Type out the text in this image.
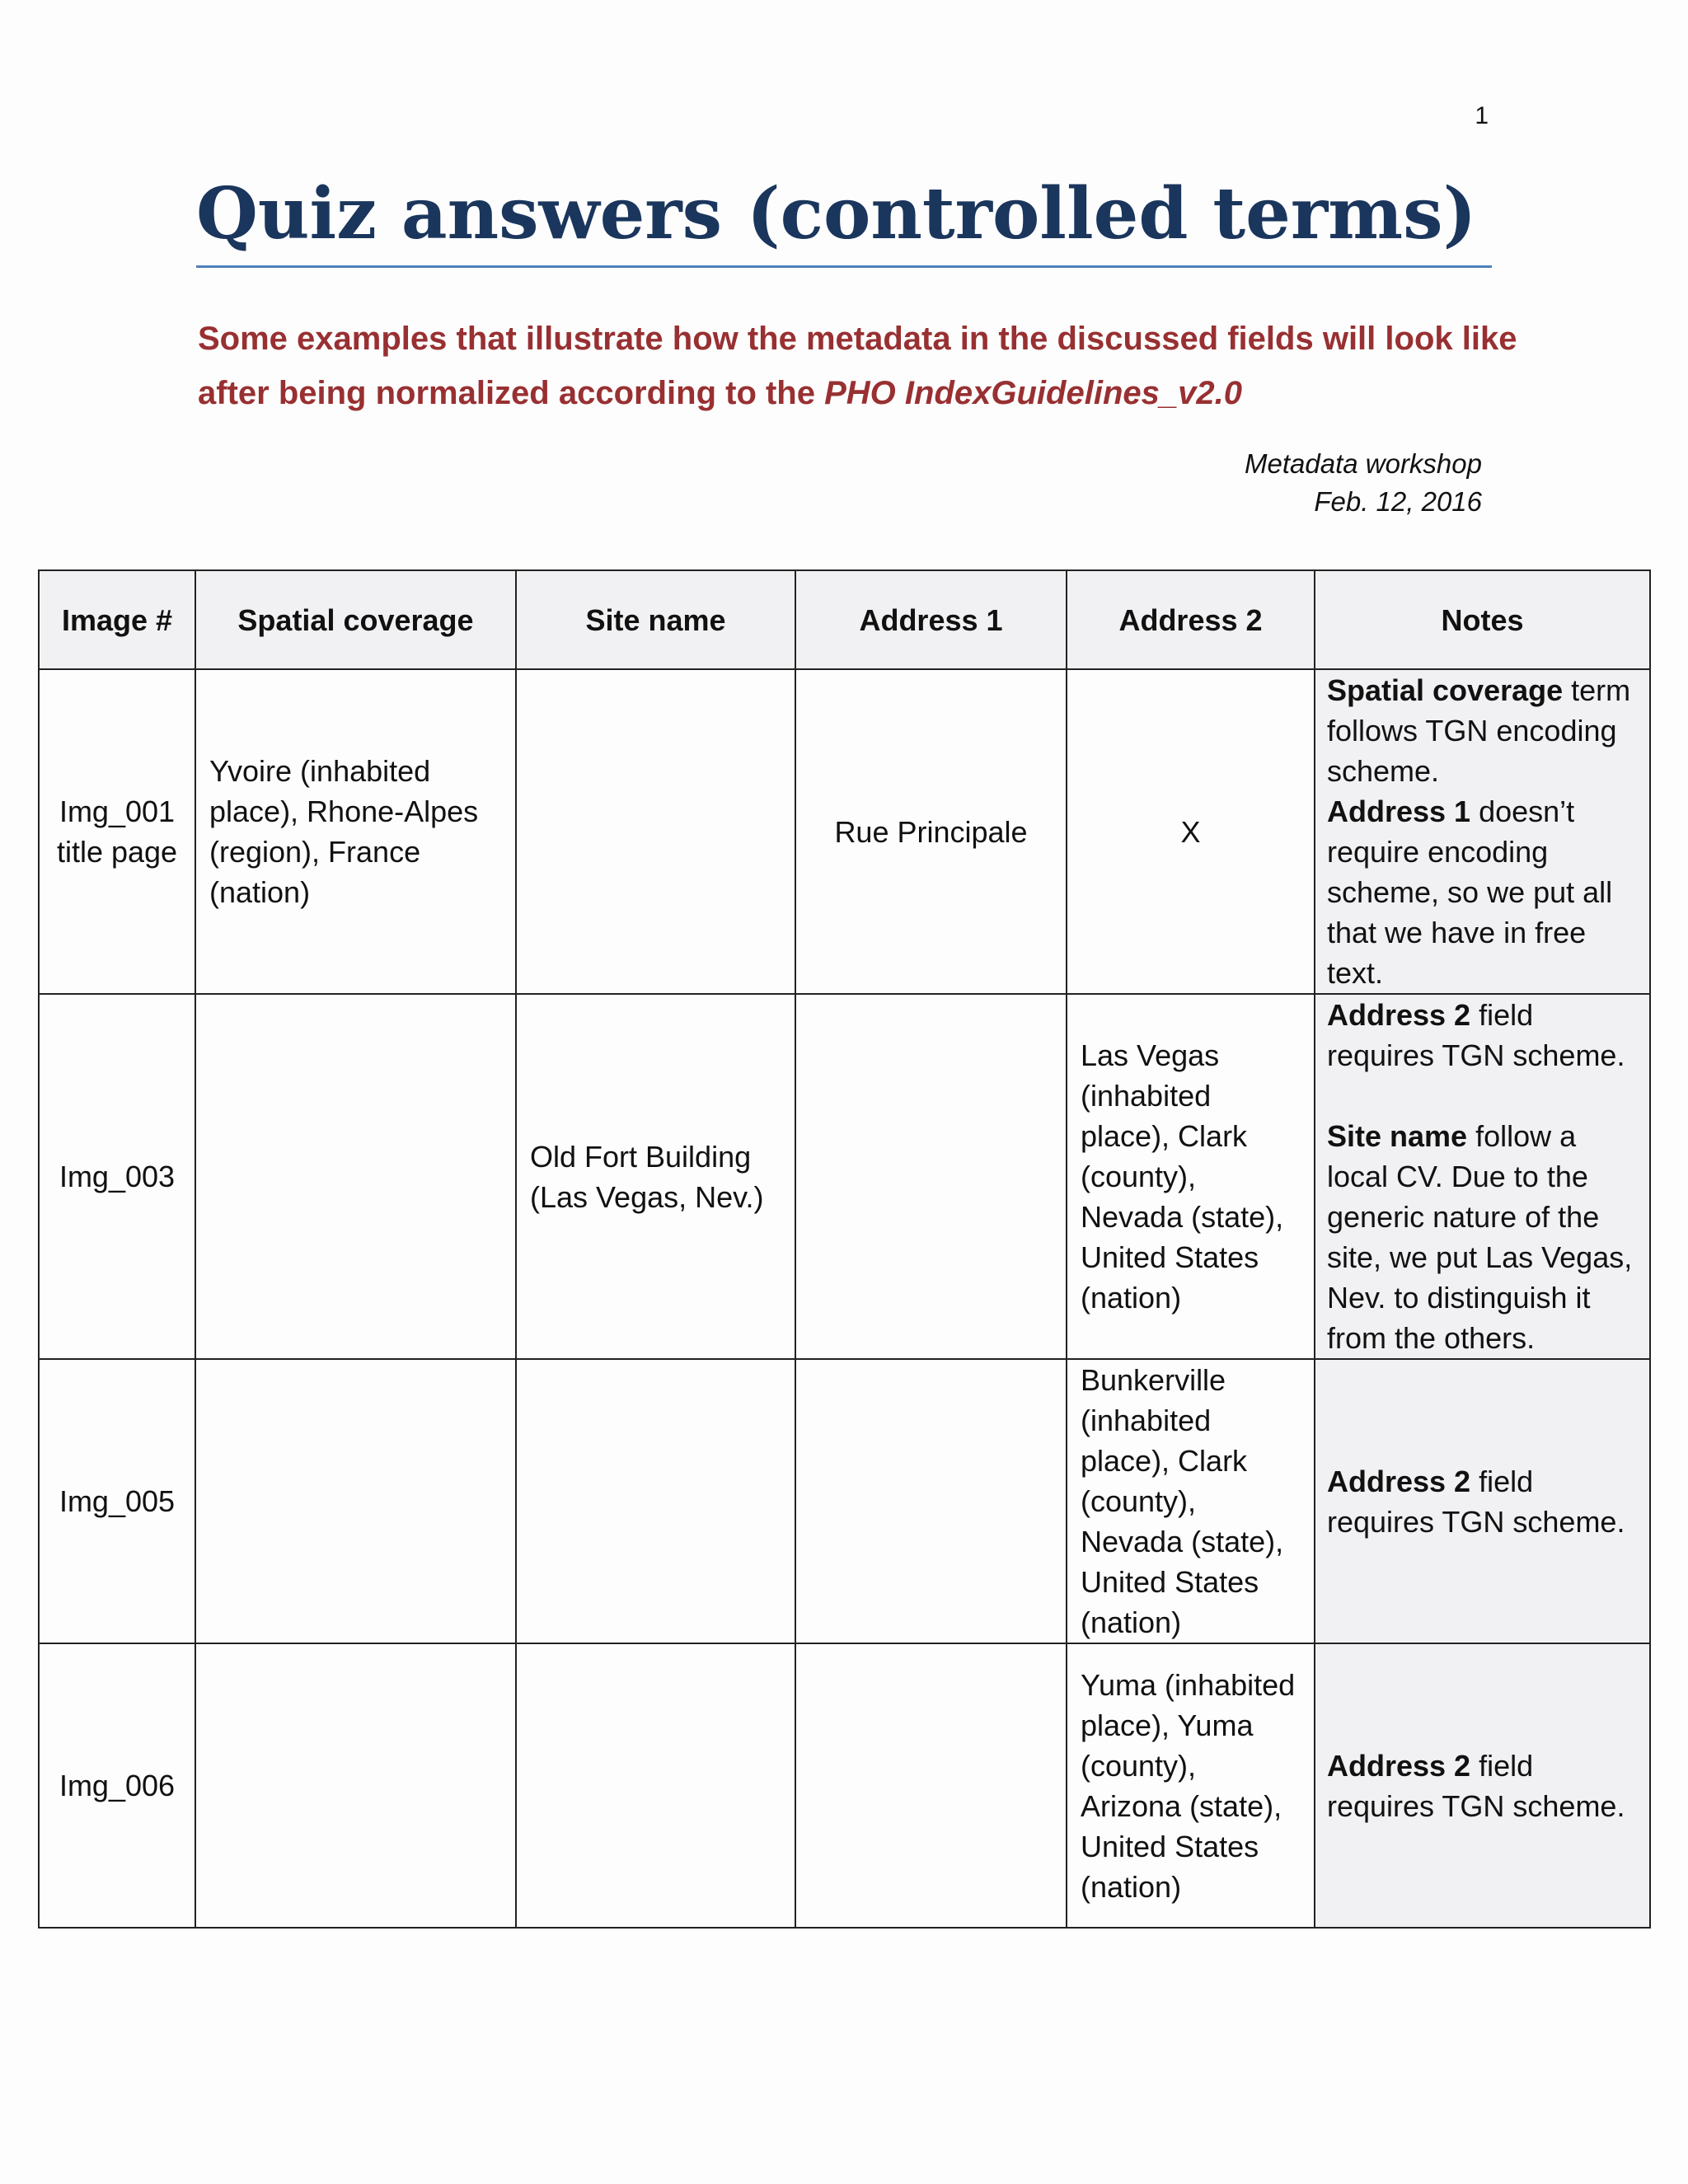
1
Quiz answers (controlled terms)
Some examples that illustrate how the metadata in the discussed fields will look like after being normalized according to the PHO IndexGuidelines_v2.0
Metadata workshop
Feb. 12, 2016
Image #	Spatial coverage	Site name	Address 1	Address 2	Notes
Img_001 title page	Yvoire (inhabited place), Rhone-Alpes (region), France (nation)		Rue Principale	X	Spatial coverage term follows TGN encoding scheme.
Address 1 doesn’t require encoding scheme, so we put all that we have in free text.
Img_003		Old Fort Building (Las Vegas, Nev.)		Las Vegas (inhabited place), Clark (county), Nevada (state), United States (nation)	Address 2 field requires TGN scheme.
Site name follow a local CV. Due to the generic nature of the site, we put Las Vegas, Nev. to distinguish it from the others.
Img_005				Bunkerville (inhabited place), Clark (county), Nevada (state), United States (nation)	Address 2 field requires TGN scheme.
Img_006				Yuma (inhabited place), Yuma (county), Arizona (state), United States (nation)	Address 2 field requires TGN scheme.
